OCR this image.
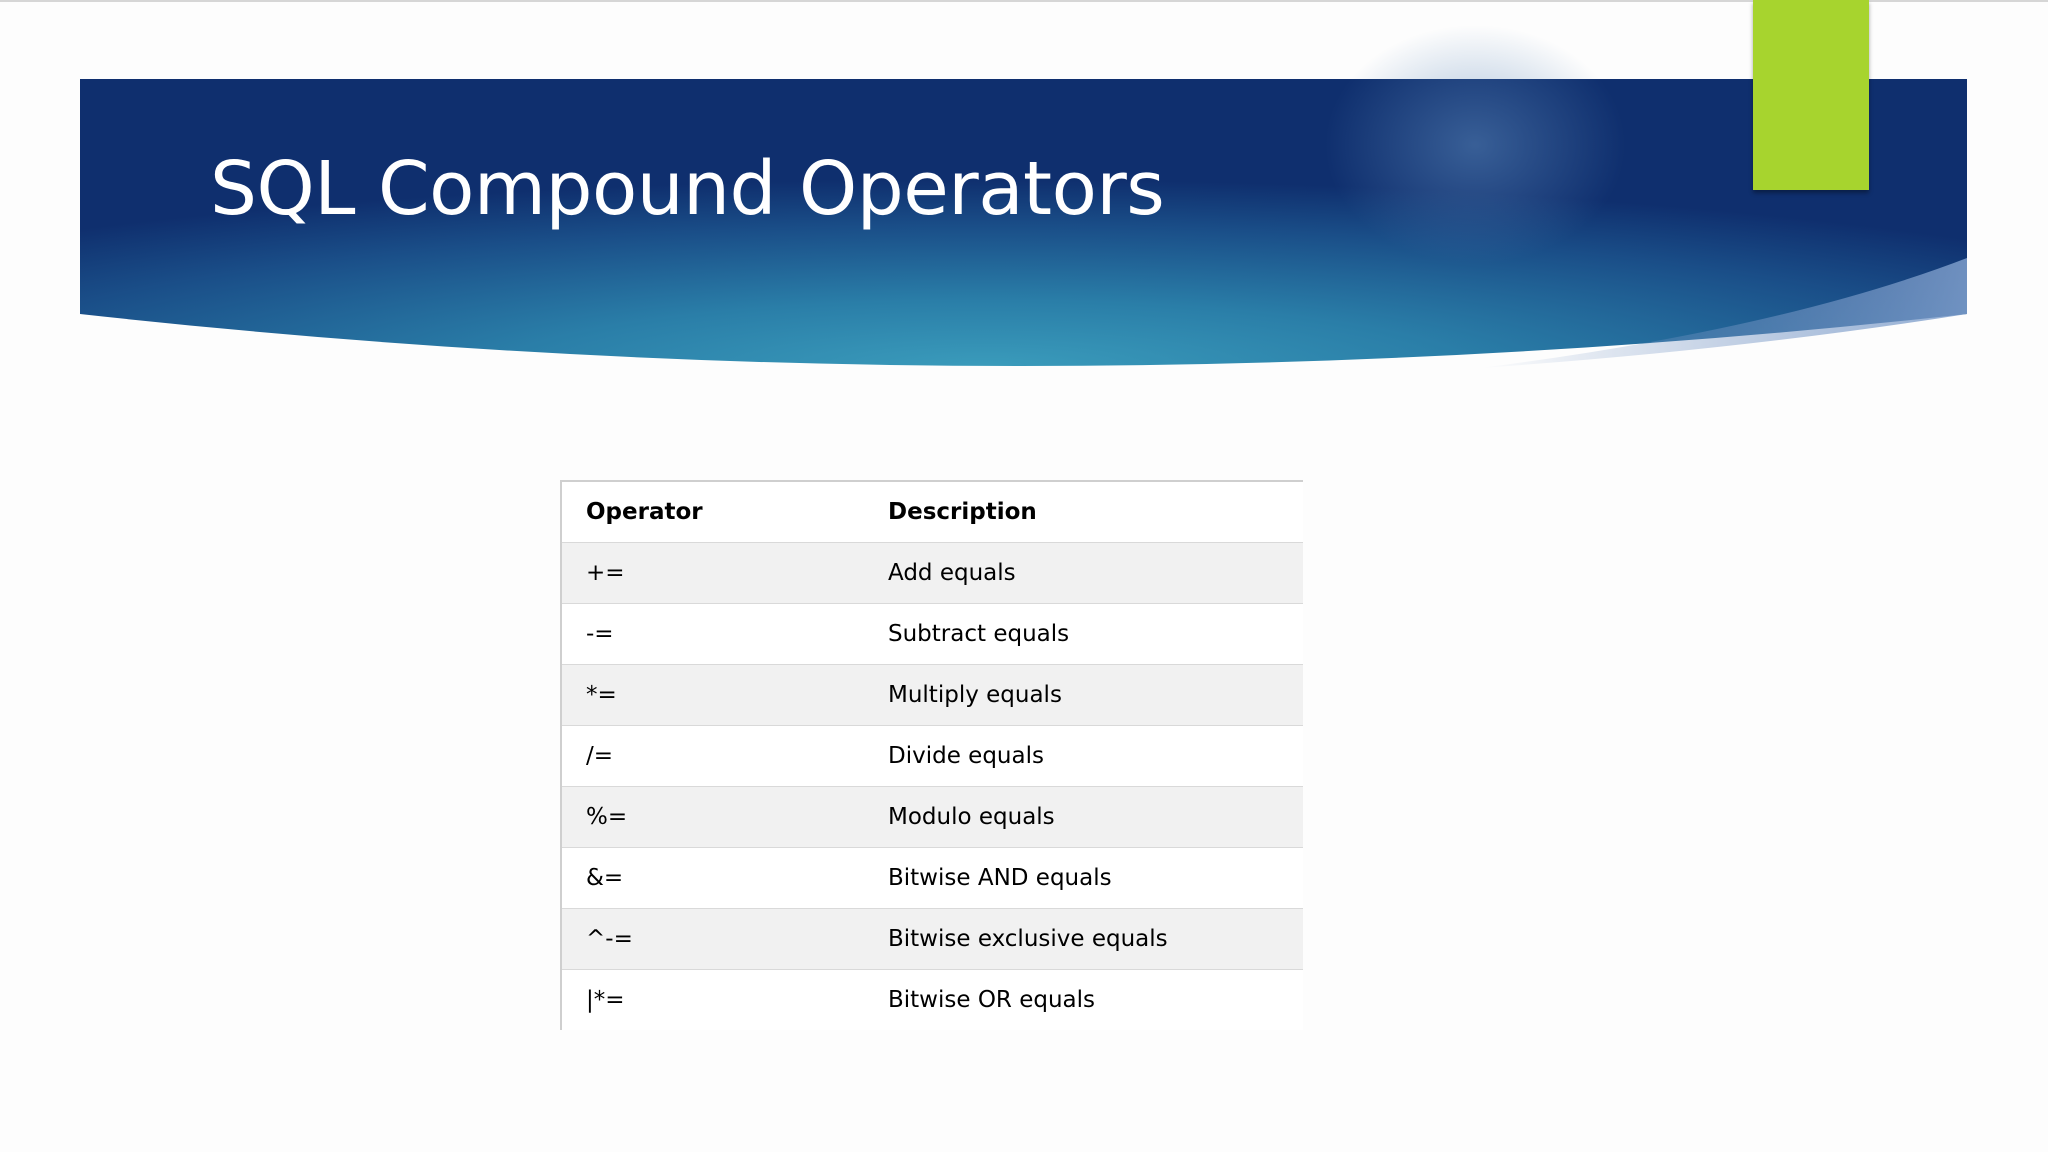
SQL Compound Operators
Operator	Description
+=	Add equals
-=	Subtract equals
*=	Multiply equals
/=	Divide equals
%=	Modulo equals
&=	Bitwise AND equals
^-=	Bitwise exclusive equals
|*=	Bitwise OR equals
